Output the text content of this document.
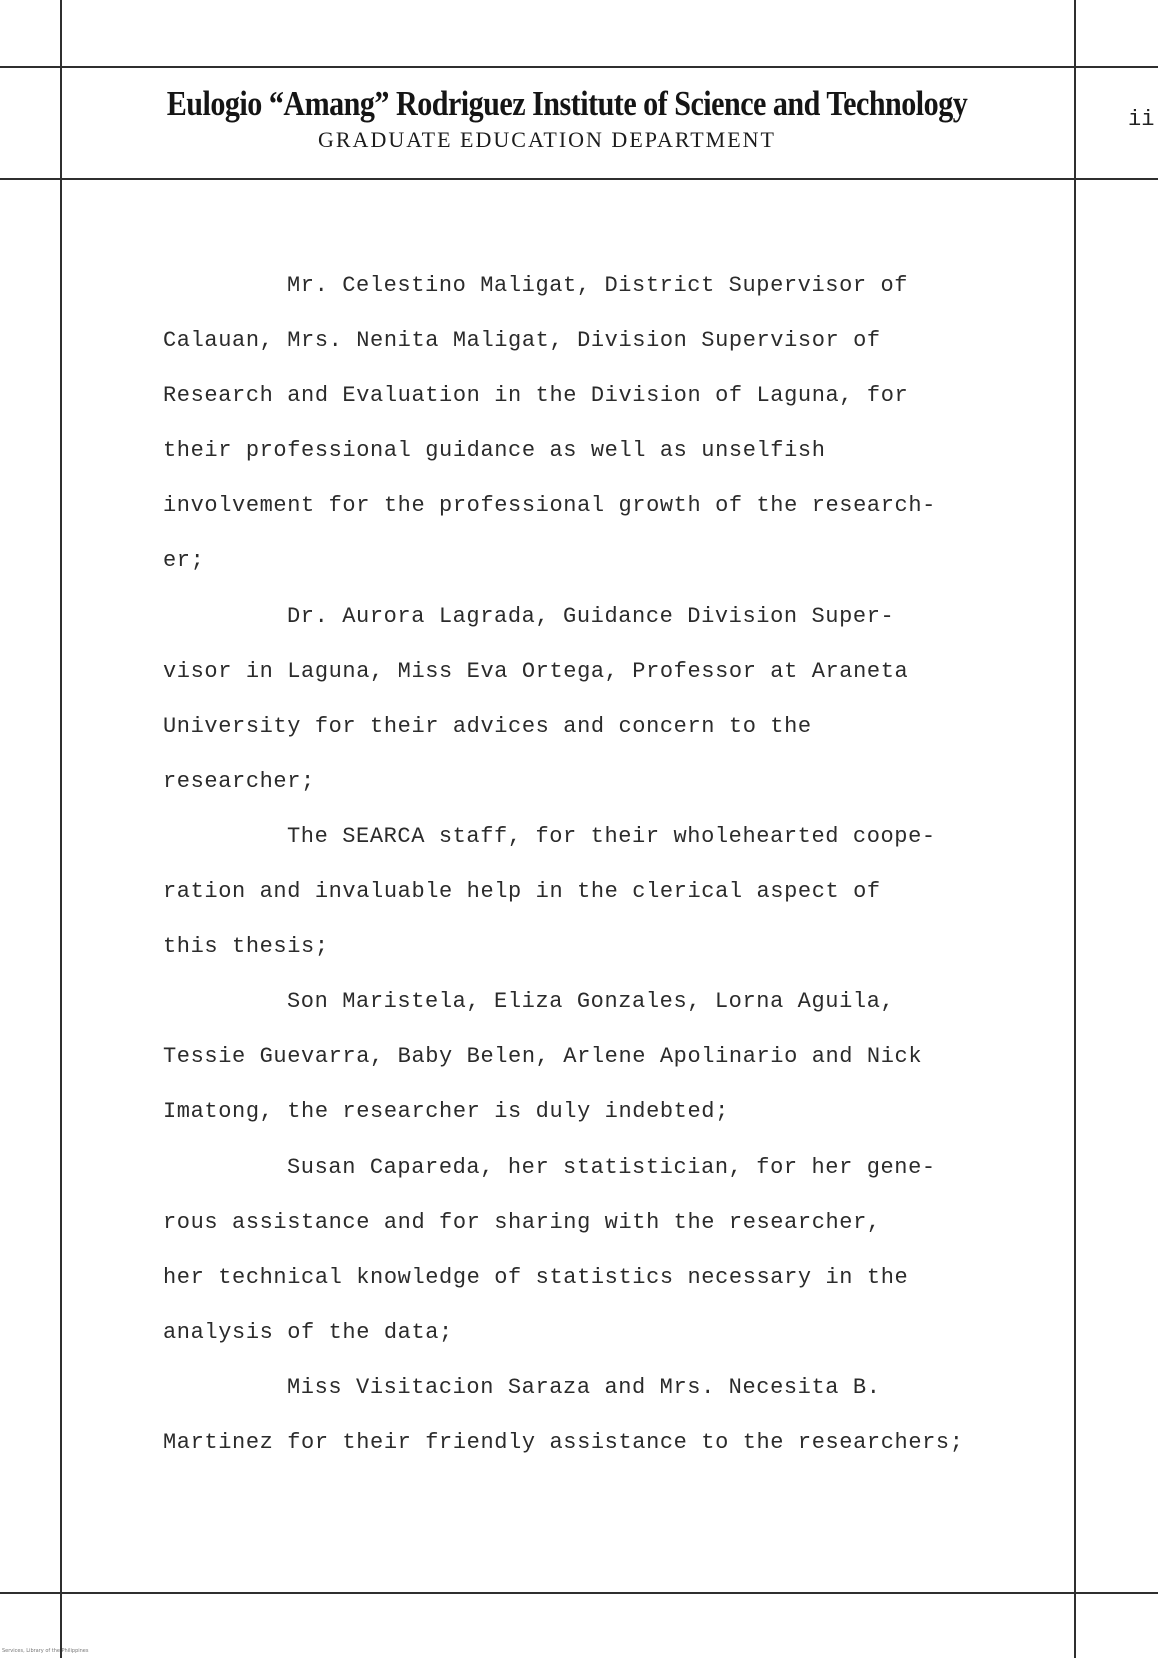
Eulogio “Amang” Rodriguez Institute of Science and Technology
GRADUATE EDUCATION DEPARTMENT
ii

Mr. Celestino Maligat, District Supervisor of
Calauan, Mrs. Nenita Maligat, Division Supervisor of
Research and Evaluation in the Division of Laguna, for
their professional guidance as well as unselfish
involvement for the professional growth of the research-
er;

Dr. Aurora Lagrada, Guidance Division Super-
visor in Laguna, Miss Eva Ortega, Professor at Araneta
University for their advices and concern to the
researcher;

The SEARCA staff, for their wholehearted coope-
ration and invaluable help in the clerical aspect of
this thesis;

Son Maristela, Eliza Gonzales, Lorna Aguila,
Tessie Guevarra, Baby Belen, Arlene Apolinario and Nick
Imatong, the researcher is duly indebted;

Susan Capareda, her statistician, for her gene-
rous assistance and for sharing with the researcher,
her technical knowledge of statistics necessary in the
analysis of the data;

Miss Visitacion Saraza and Mrs. Necesita B.
Martinez for their friendly assistance to the researchers;

Services, Library of the Philippines
